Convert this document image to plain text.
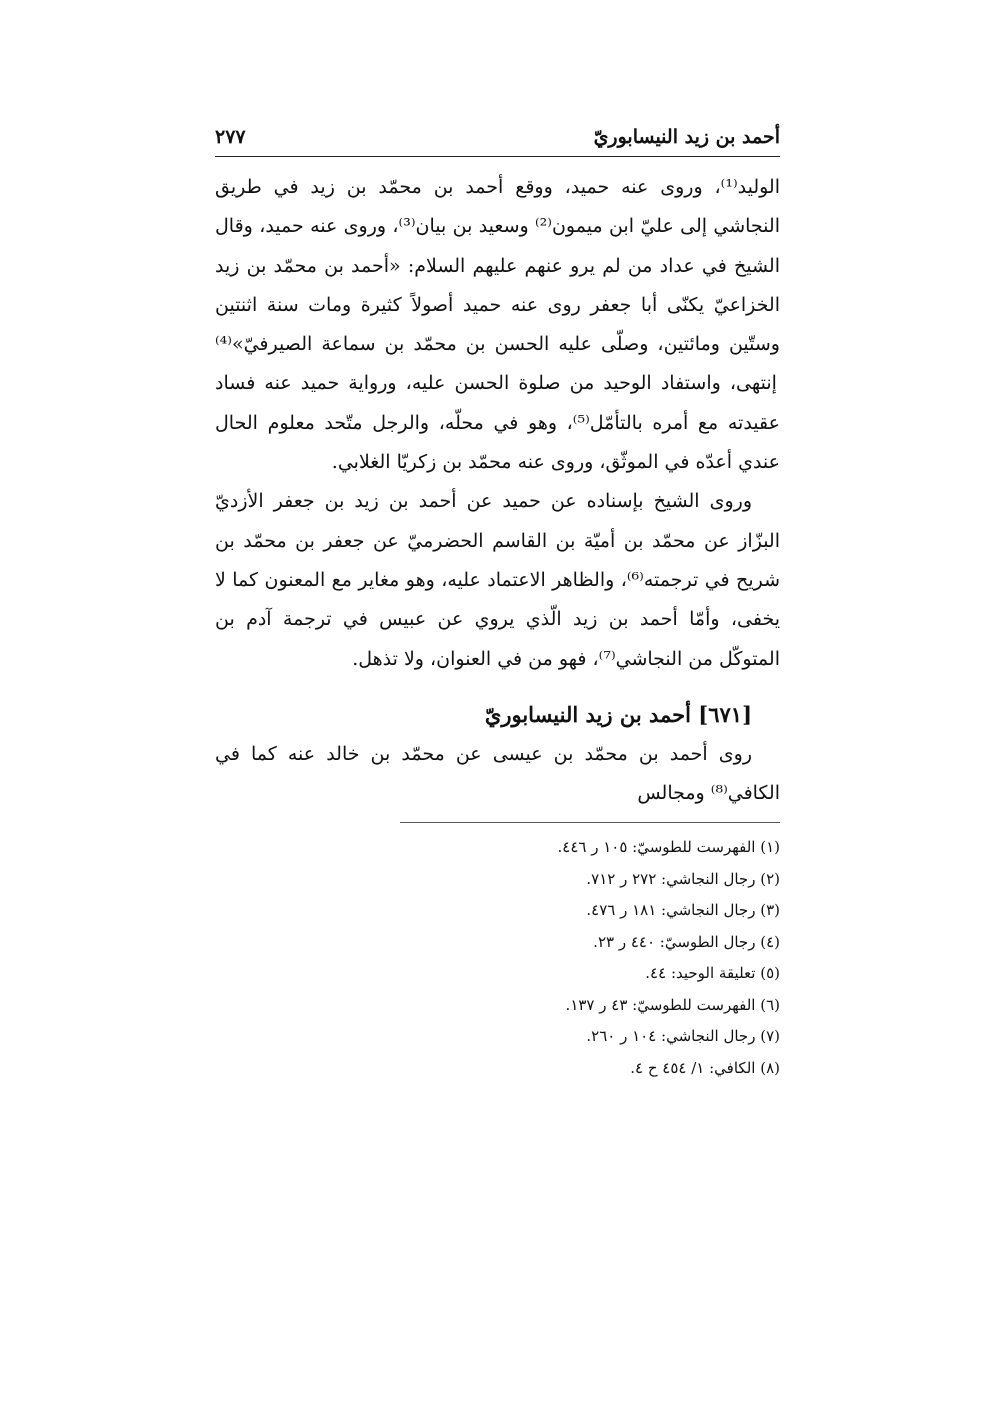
أحمد بن زيد النيسابوريّ
٢٧٧

الوليد⁽¹⁾، وروى عنه حميد، ووقع أحمد بن محمّد بن زيد في طريق النجاشي إلى عليّ ابن ميمون⁽²⁾ وسعيد بن بيان⁽³⁾، وروى عنه حميد، وقال الشيخ في عداد من لم يرو عنهم عليهم السلام: «أحمد بن محمّد بن زيد الخزاعيّ يكنّى أبا جعفر روى عنه حميد أصولاً كثيرة ومات سنة اثنتين وستّين ومائتين، وصلّى عليه الحسن بن محمّد بن سماعة الصيرفيّ»⁽⁴⁾ إنتهى، واستفاد الوحيد من صلوة الحسن عليه، ورواية حميد عنه فساد عقيدته مع أمره بالتأمّل⁽⁵⁾، وهو في محلّه، والرجل متّحد معلوم الحال عندي أعدّه في الموثّق، وروى عنه محمّد بن زكريّا الغلابي.

وروى الشيخ بإسناده عن حميد عن أحمد بن زيد بن جعفر الأزديّ البزّاز عن محمّد بن أميّة بن القاسم الحضرميّ عن جعفر بن محمّد بن شريح في ترجمته⁽⁶⁾، والظاهر الاعتماد عليه، وهو مغاير مع المعنون كما لا يخفى، وأمّا أحمد بن زيد الّذي يروي عن عبيس في ترجمة آدم بن المتوكّل من النجاشي⁽⁷⁾، فهو من في العنوان، ولا تذهل.

[٦٧١] أحمد بن زيد النيسابوريّ

روى أحمد بن محمّد بن عيسى عن محمّد بن خالد عنه كما في الكافي⁽⁸⁾ ومجالس

(١) الفهرست للطوسيّ: ١٠٥ ر ٤٤٦.
(٢) رجال النجاشي: ٢٧٢ ر ٧١٢.
(٣) رجال النجاشي: ١٨١ ر ٤٧٦.
(٤) رجال الطوسيّ: ٤٤٠ ر ٢٣.
(٥) تعليقة الوحيد: ٤٤.
(٦) الفهرست للطوسيّ: ٤٣ ر ١٣٧.
(٧) رجال النجاشي: ١٠٤ ر ٢٦٠.
(٨) الكافي: ١/ ٤٥٤ ح ٤.
